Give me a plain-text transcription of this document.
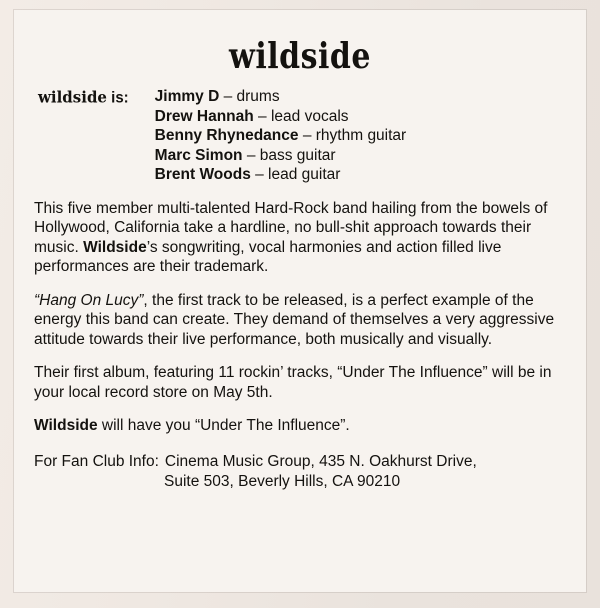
wildside
wildside is: Jimmy D – drums
Drew Hannah – lead vocals
Benny Rhynedance – rhythm guitar
Marc Simon – bass guitar
Brent Woods – lead guitar

This five member multi-talented Hard-Rock band hailing from the bowels of Hollywood, California take a hardline, no bull-shit approach towards their music. Wildside’s songwriting, vocal harmonies and action filled live performances are their trademark.

“Hang On Lucy”, the first track to be released, is a perfect example of the energy this band can create. They demand of themselves a very aggressive attitude towards their live performance, both musically and visually.

Their first album, featuring 11 rockin’ tracks, “Under The Influence” will be in your local record store on May 5th.

Wildside will have you “Under The Influence”.

For Fan Club Info: Cinema Music Group, 435 N. Oakhurst Drive,
Suite 503, Beverly Hills, CA 90210
